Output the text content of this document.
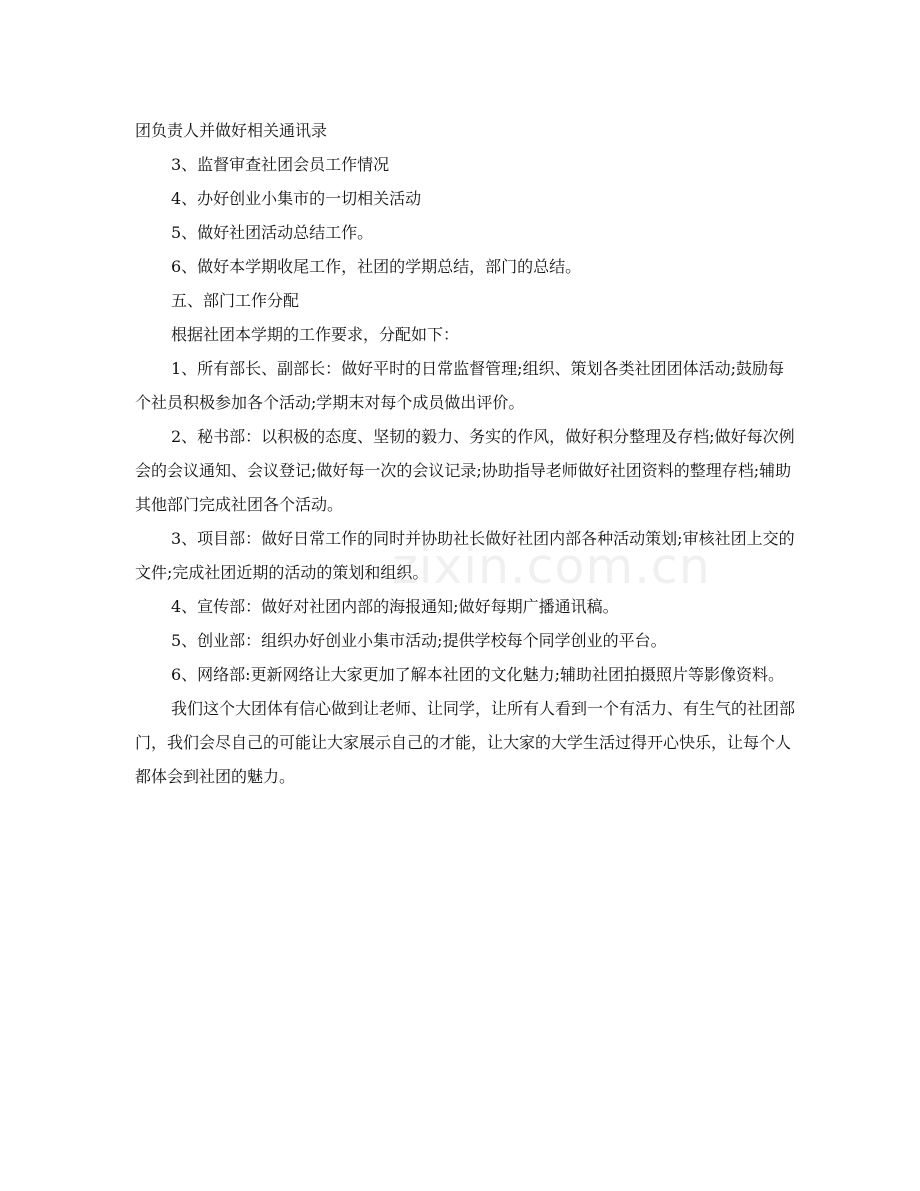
zixin.com.cn

团负责人并做好相关通讯录

3、监督审查社团会员工作情况

4、办好创业小集市的一切相关活动

5、做好社团活动总结工作。

6、做好本学期收尾工作，社团的学期总结，部门的总结。

五、部门工作分配

根据社团本学期的工作要求，分配如下：

1、所有部长、副部长：做好平时的日常监督管理;组织、策划各类社团团体活动;鼓励每个社员积极参加各个活动;学期末对每个成员做出评价。

2、秘书部：以积极的态度、坚韧的毅力、务实的作风，做好积分整理及存档;做好每次例会的会议通知、会议登记;做好每一次的会议记录;协助指导老师做好社团资料的整理存档;辅助其他部门完成社团各个活动。

3、项目部：做好日常工作的同时并协助社长做好社团内部各种活动策划;审核社团上交的文件;完成社团近期的活动的策划和组织。

4、宣传部：做好对社团内部的海报通知;做好每期广播通讯稿。

5、创业部：组织办好创业小集市活动;提供学校每个同学创业的平台。

6、网络部:更新网络让大家更加了解本社团的文化魅力;辅助社团拍摄照片等影像资料。

我们这个大团体有信心做到让老师、让同学，让所有人看到一个有活力、有生气的社团部门，我们会尽自己的可能让大家展示自己的才能，让大家的大学生活过得开心快乐，让每个人都体会到社团的魅力。
